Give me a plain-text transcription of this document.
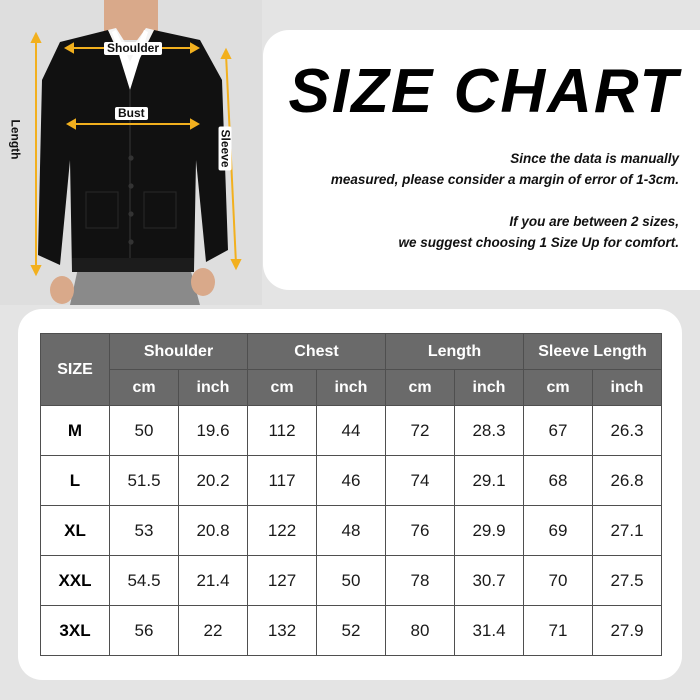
Shoulder
Bust
Length	Sleeve
SIZE CHART
Since the data is manually
measured, please consider a margin of error of 1-3cm.
If you are between 2 sizes,
we suggest choosing 1 Size Up for comfort.
SIZE	Shoulder		Chest		Length		Sleeve Length	
	cm	inch	cm	inch	cm	inch	cm	inch
M	50	19.6	112	44	72	28.3	67	26.3
L	51.5	20.2	117	46	74	29.1	68	26.8
XL	53	20.8	122	48	76	29.9	69	27.1
XXL	54.5	21.4	127	50	78	30.7	70	27.5
3XL	56	22	132	52	80	31.4	71	27.9
